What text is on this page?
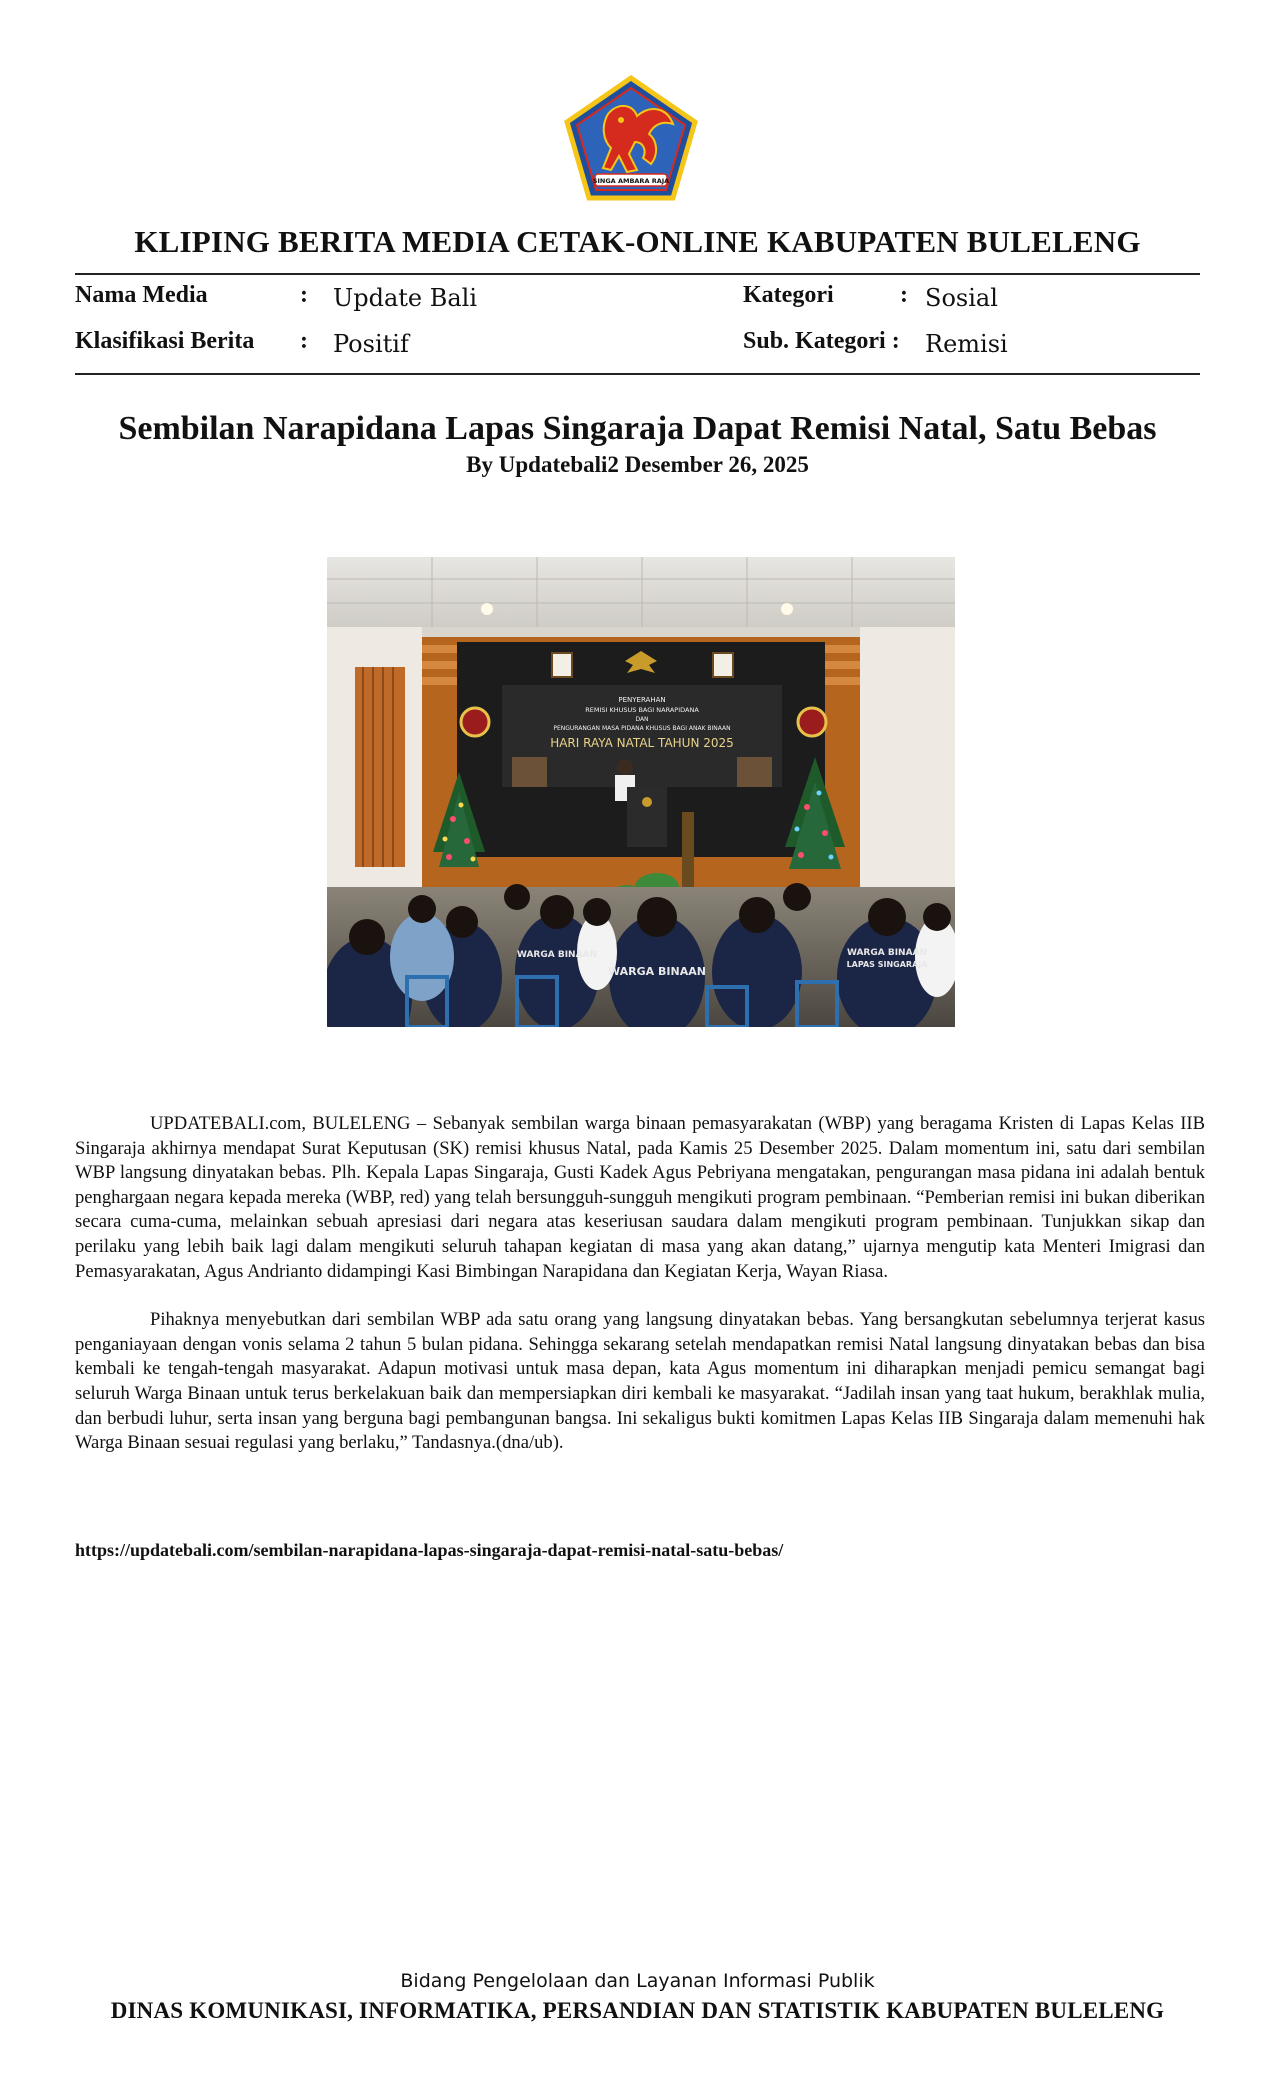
SINGA AMBARA RAJA
KLIPING BERITA MEDIA CETAK-ONLINE KABUPATEN BULELENG
Nama Media	: Update Bali
Klasifikasi Berita : Positif
Kategori	: Sosial
Sub. Kategori : Remisi
Sembilan Narapidana Lapas Singaraja Dapat Remisi Natal, Satu Bebas
By Updatebali2 Desember 26, 2025
PENYERAHAN
REMISI KHUSUS BAGI NARAPIDANA
DAN
PENGURANGAN MASA PIDANA KHUSUS BAGI ANAK BINAAN
HARI RAYA NATAL TAHUN 2025
WARGA BINAAN
WARGA BINAAN
WARGA BINAAN
LAPAS SINGARAJA

UPDATEBALI.com, BULELENG – Sebanyak sembilan warga binaan pemasyarakatan (WBP) yang beragama Kristen di Lapas Kelas IIB Singaraja akhirnya mendapat Surat Keputusan (SK) remisi khusus Natal, pada Kamis 25 Desember 2025. Dalam momentum ini, satu dari sembilan WBP langsung dinyatakan bebas. Plh. Kepala Lapas Singaraja, Gusti Kadek Agus Pebriyana mengatakan, pengurangan masa pidana ini adalah bentuk penghargaan negara kepada mereka (WBP, red) yang telah bersungguh-sungguh mengikuti program pembinaan. “Pemberian remisi ini bukan diberikan secara cuma-cuma, melainkan sebuah apresiasi dari negara atas keseriusan saudara dalam mengikuti program pembinaan. Tunjukkan sikap dan perilaku yang lebih baik lagi dalam mengikuti seluruh tahapan kegiatan di masa yang akan datang,” ujarnya mengutip kata Menteri Imigrasi dan Pemasyarakatan, Agus Andrianto didampingi Kasi Bimbingan Narapidana dan Kegiatan Kerja, Wayan Riasa.

Pihaknya menyebutkan dari sembilan WBP ada satu orang yang langsung dinyatakan bebas. Yang bersangkutan sebelumnya terjerat kasus penganiayaan dengan vonis selama 2 tahun 5 bulan pidana. Sehingga sekarang setelah mendapatkan remisi Natal langsung dinyatakan bebas dan bisa kembali ke tengah-tengah masyarakat. Adapun motivasi untuk masa depan, kata Agus momentum ini diharapkan menjadi pemicu semangat bagi seluruh Warga Binaan untuk terus berkelakuan baik dan mempersiapkan diri kembali ke masyarakat. “Jadilah insan yang taat hukum, berakhlak mulia, dan berbudi luhur, serta insan yang berguna bagi pembangunan bangsa. Ini sekaligus bukti komitmen Lapas Kelas IIB Singaraja dalam memenuhi hak Warga Binaan sesuai regulasi yang berlaku,” Tandasnya.(dna/ub).

https://updatebali.com/sembilan-narapidana-lapas-singaraja-dapat-remisi-natal-satu-bebas/
Bidang Pengelolaan dan Layanan Informasi Publik
DINAS KOMUNIKASI, INFORMATIKA, PERSANDIAN DAN STATISTIK KABUPATEN BULELENG
